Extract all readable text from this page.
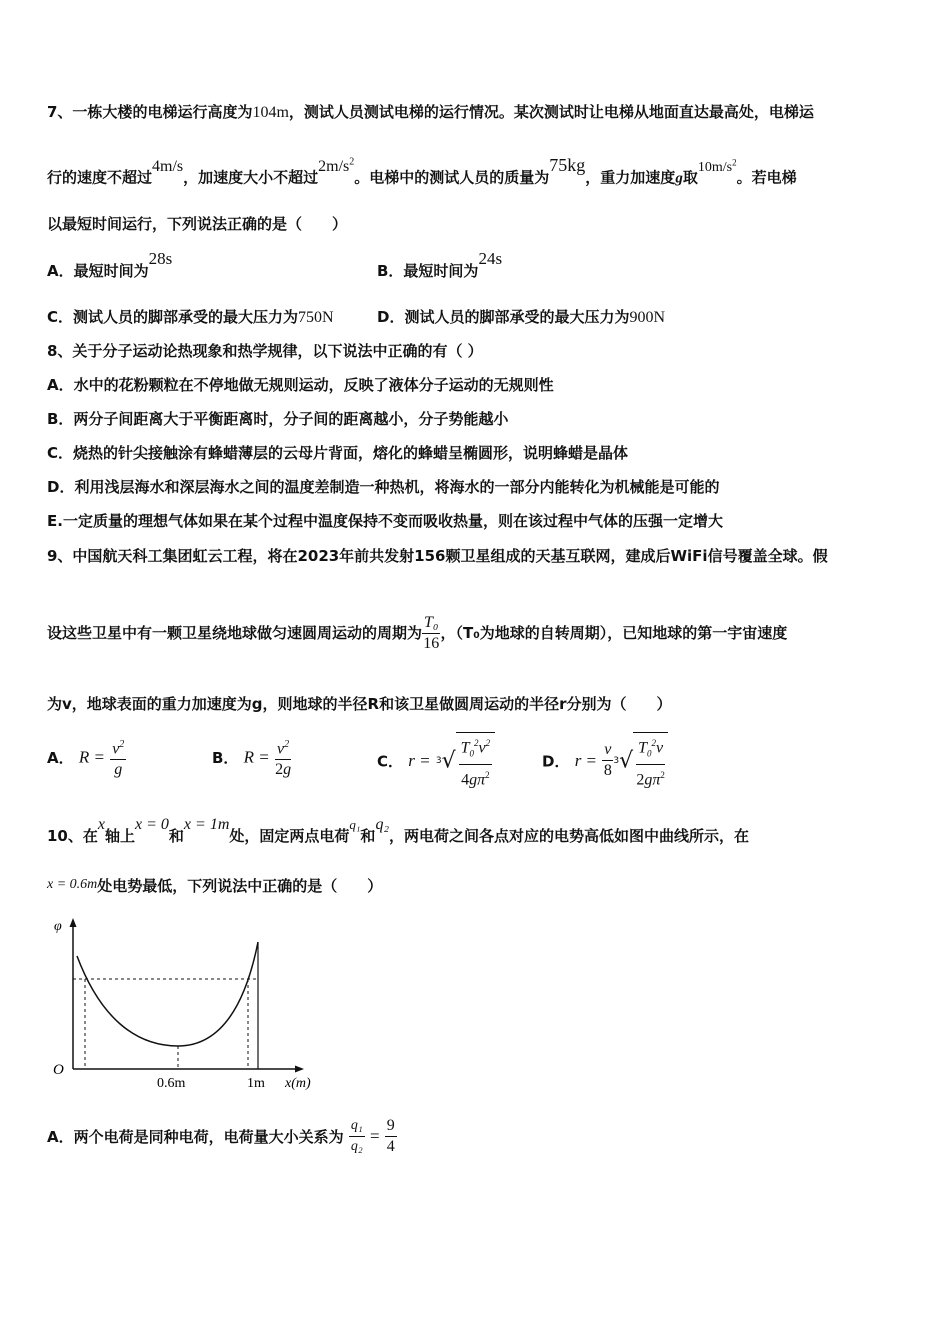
7、一栋大楼的电梯运行高度为104m，测试人员测试电梯的运行情况。某次测试时让电梯从地面直达最高处，电梯运
行的速度不超过4m/s，加速度大小不超过$2m/s^2$。电梯中的测试人员的质量为75kg，重力加速度g取$10m/s^2$。若电梯
以最短时间运行，下列说法正确的是（　　）
A．最短时间为28s
B．最短时间为24s
C．测试人员的脚部承受的最大压力为750N	D．测试人员的脚部承受的最大压力为900N
8、关于分子运动论热现象和热学规律，以下说法中正确的有（ ）
A．水中的花粉颗粒在不停地做无规则运动，反映了液体分子运动的无规则性
B．两分子间距离大于平衡距离时，分子间的距离越小，分子势能越小
C．烧热的针尖接触涂有蜂蜡薄层的云母片背面，熔化的蜂蜡呈椭圆形，说明蜂蜡是晶体
D．利用浅层海水和深层海水之间的温度差制造一种热机，将海水的一部分内能转化为机械能是可能的
E.一定质量的理想气体如果在某个过程中温度保持不变而吸收热量，则在该过程中气体的压强一定增大
9、中国航天科工集团虹云工程，将在2023年前共发射156颗卫星组成的天基互联网，建成后WiFi信号覆盖全球。假
设这些卫星中有一颗卫星绕地球做匀速圆周运动的周期为 $\frac{\text{T₀}}{16}$ ，（T₀为地球的自转周期），已知地球的第一宇宙速度
为v，地球表面的重力加速度为g，则地球的半径R和该卫星做圆周运动的半径r分别为（　　）
A． $R = \frac{v^2}{g}$	B． $R = \frac{v^2}{2g}$	C． $r = 3√ \frac{T_0^2v^2}{4g\pi^2}$	D． $r = \frac{v}{8} 3√ \frac{T_0^2v}{2g\pi^2}$
10、在x轴上x = 0和x = 1m处，固定两点电荷q₁和q₂，两电荷之间各点对应的电势高低如图中曲线所示，在
x = 0.6m处电势最低，下列说法中正确的是（　　）
φ
O
0.6m	1m x(m)
A．两个电荷是同种电荷，电荷量大小关系为 $\frac{\text{q₁}}{\text{q₂}} = \frac{9}{4}$
